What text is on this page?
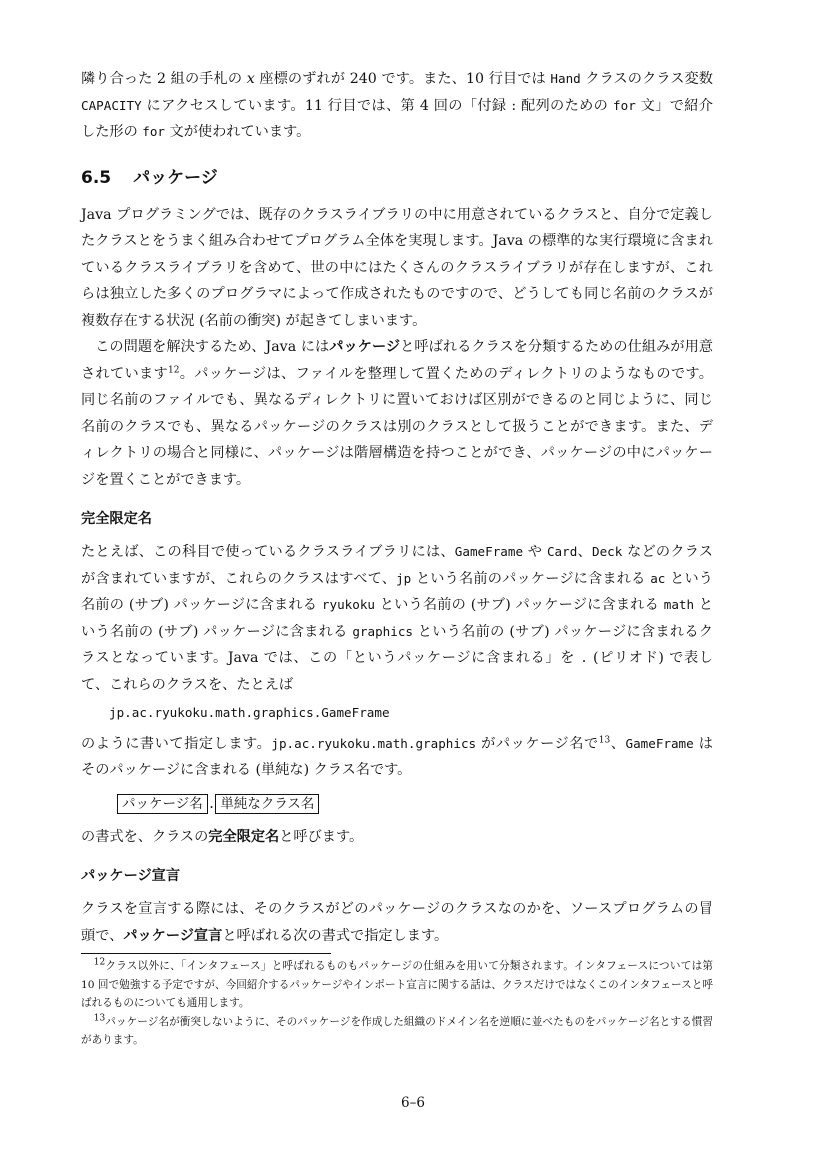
隣り合った 2 組の手札の x 座標のずれが 240 です。また、10 行目では Hand クラスのクラス変数 CAPACITY にアクセスしています。11 行目では、第 4 回の「付録 : 配列のための for 文」で紹介した形の for 文が使われています。

6.5 パッケージ

Java プログラミングでは、既存のクラスライブラリの中に用意されているクラスと、自分で定義したクラスとをうまく組み合わせてプログラム全体を実現します。Java の標準的な実行環境に含まれているクラスライブラリを含めて、世の中にはたくさんのクラスライブラリが存在しますが、これらは独立した多くのプログラマによって作成されたものですので、どうしても同じ名前のクラスが複数存在する状況 (名前の衝突) が起きてしまいます。

この問題を解決するため、Java にはパッケージと呼ばれるクラスを分類するための仕組みが用意されています$^{12}$。パッケージは、ファイルを整理して置くためのディレクトリのようなものです。同じ名前のファイルでも、異なるディレクトリに置いておけば区別ができるのと同じように、同じ名前のクラスでも、異なるパッケージのクラスは別のクラスとして扱うことができます。また、ディレクトリの場合と同様に、パッケージは階層構造を持つことができ、パッケージの中にパッケージを置くことができます。

完全限定名

たとえば、この科目で使っているクラスライブラリには、GameFrame や Card、Deck などのクラスが含まれていますが、これらのクラスはすべて、jp という名前のパッケージに含まれる ac という名前の (サブ) パッケージに含まれる ryukoku という名前の (サブ) パッケージに含まれる math という名前の (サブ) パッケージに含まれる graphics という名前の (サブ) パッケージに含まれるクラスとなっています。Java では、この「というパッケージに含まれる」を . (ピリオド) で表して、これらのクラスを、たとえば

jp.ac.ryukoku.math.graphics.GameFrame

のように書いて指定します。jp.ac.ryukoku.math.graphics がパッケージ名で$^{13}$、GameFrame はそのパッケージに含まれる (単純な) クラス名です。

パッケージ名 . 単純なクラス名

の書式を、クラスの完全限定名と呼びます。

パッケージ宣言

クラスを宣言する際には、そのクラスがどのパッケージのクラスなのかを、ソースプログラムの冒頭で、パッケージ宣言と呼ばれる次の書式で指定します。

$^{12}$クラス以外に、「インタフェース」と呼ばれるものもパッケージの仕組みを用いて分類されます。インタフェースについては第 10 回で勉強する予定ですが、今回紹介するパッケージやインポート宣言に関する話は、クラスだけではなくこのインタフェースと呼ばれるものについても通用します。

$^{13}$パッケージ名が衝突しないように、そのパッケージを作成した組織のドメイン名を逆順に並べたものをパッケージ名とする慣習があります。

6–6
